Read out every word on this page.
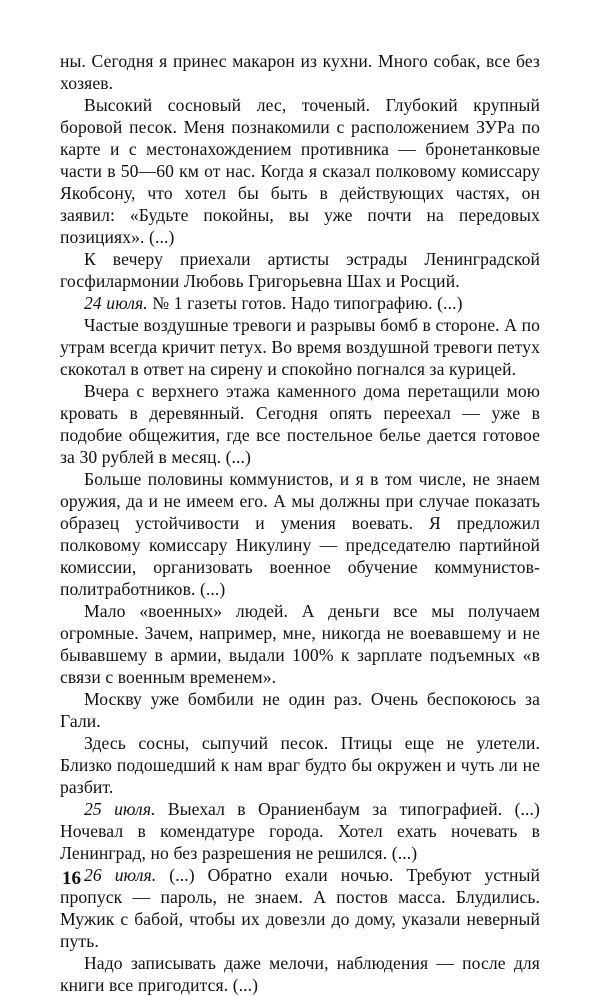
ны. Сегодня я принес макарон из кухни. Много собак, все без хозяев.

Высокий сосновый лес, точеный. Глубокий крупный боровой песок. Меня познакомили с расположением ЗУРа по карте и с местонахождением противника — бронетанковые части в 50—60 км от нас. Когда я сказал полковому комиссару Якобсону, что хотел бы быть в действующих частях, он заявил: «Будьте покойны, вы уже почти на передовых позициях». (...)

К вечеру приехали артисты эстрады Ленинградской госфилармонии Любовь Григорьевна Шах и Росций.

24 июля. № 1 газеты готов. Надо типографию. (...)

Частые воздушные тревоги и разрывы бомб в стороне. А по утрам всегда кричит петух. Во время воздушной тревоги петух скокотал в ответ на сирену и спокойно погнался за курицей.

Вчера с верхнего этажа каменного дома перетащили мою кровать в деревянный. Сегодня опять переехал — уже в подобие общежития, где все постельное белье дается готовое за 30 рублей в месяц. (...)

Больше половины коммунистов, и я в том числе, не знаем оружия, да и не имеем его. А мы должны при случае показать образец устойчивости и умения воевать. Я предложил полковому комиссару Никулину — председателю партийной комиссии, организовать военное обучение коммунистов-политработников. (...)

Мало «военных» людей. А деньги все мы получаем огромные. Зачем, например, мне, никогда не воевавшему и не бывавшему в армии, выдали 100% к зарплате подъемных «в связи с военным временем».

Москву уже бомбили не один раз. Очень беспокоюсь за Гали.

Здесь сосны, сыпучий песок. Птицы еще не улетели. Близко подошедший к нам враг будто бы окружен и чуть ли не разбит.

25 июля. Выехал в Ораниенбаум за типографией. (...) Ночевал в комендатуре города. Хотел ехать ночевать в Ленинград, но без разрешения не решился. (...)

26 июля. (...) Обратно ехали ночью. Требуют устный пропуск — пароль, не знаем. А постов масса. Блудились. Мужик с бабой, чтобы их довезли до дому, указали неверный путь.

Надо записывать даже мелочи, наблюдения — после для книги все пригодится. (...)

16
